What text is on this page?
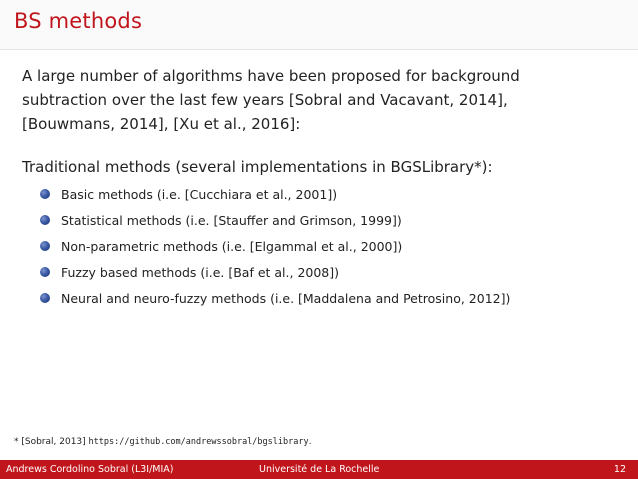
BS methods
A large number of algorithms have been proposed for background
subtraction over the last few years [Sobral and Vacavant, 2014],
[Bouwmans, 2014], [Xu et al., 2016]:
Traditional methods (several implementations in BGSLibrary*):
Basic methods (i.e. [Cucchiara et al., 2001])
Statistical methods (i.e. [Stauffer and Grimson, 1999])
Non-parametric methods (i.e. [Elgammal et al., 2000])
Fuzzy based methods (i.e. [Baf et al., 2008])
Neural and neuro-fuzzy methods (i.e. [Maddalena and Petrosino, 2012])
* [Sobral, 2013] https://github.com/andrewssobral/bgslibrary.
Andrews Cordolino Sobral (L3I/MIA)	Université de La Rochelle	12
